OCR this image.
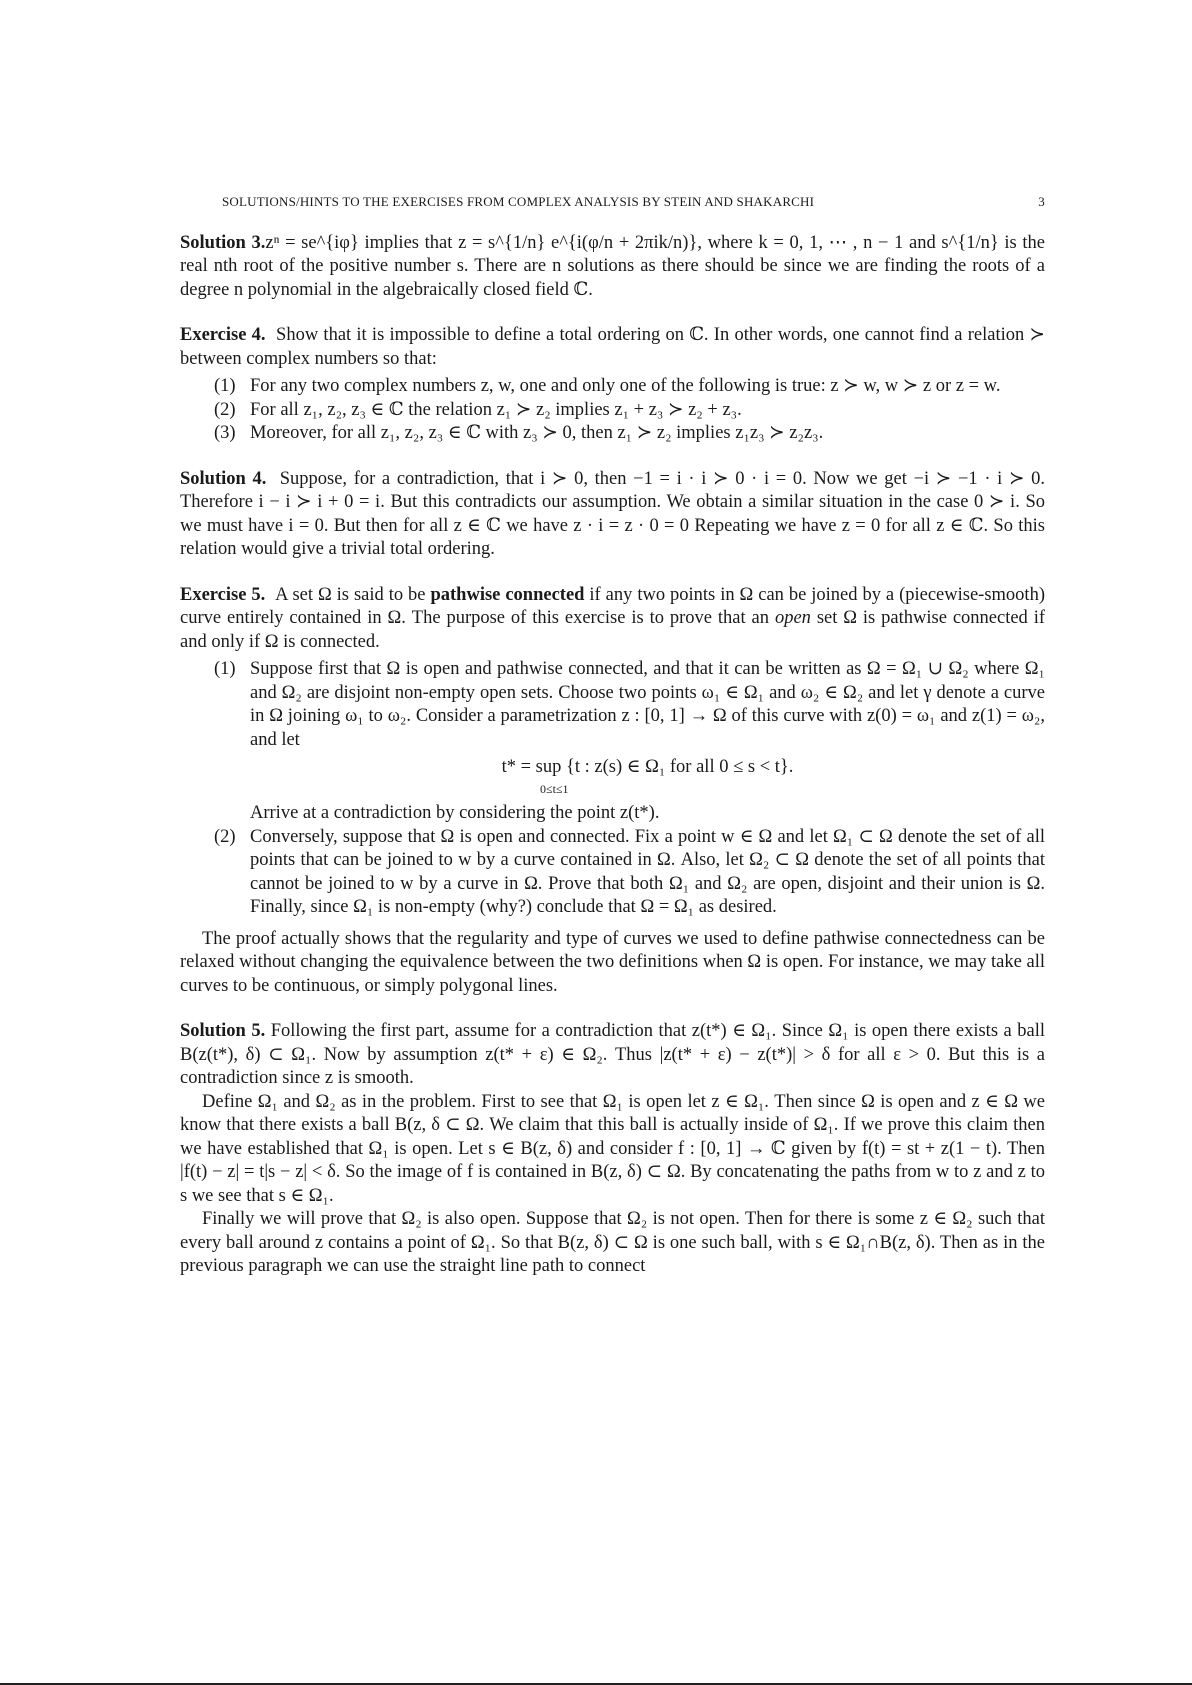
SOLUTIONS/HINTS TO THE EXERCISES FROM COMPLEX ANALYSIS BY STEIN AND SHAKARCHI	3

Solution 3.zⁿ = se^{iφ} implies that z = s^{1/n} e^{i(φ/n + 2πik/n)}, where k = 0, 1, ⋯ , n − 1 and s^{1/n} is the real nth root of the positive number s. There are n solutions as there should be since we are finding the roots of a degree n polynomial in the algebraically closed field ℂ.

Exercise 4. Show that it is impossible to define a total ordering on ℂ. In other words, one cannot find a relation ≻ between complex numbers so that:

(1) For any two complex numbers z, w, one and only one of the following is true: z ≻ w, w ≻ z or z = w.
(2) For all z₁, z₂, z₃ ∈ ℂ the relation z₁ ≻ z₂ implies z₁ + z₃ ≻ z₂ + z₃.
(3) Moreover, for all z₁, z₂, z₃ ∈ ℂ with z₃ ≻ 0, then z₁ ≻ z₂ implies z₁z₃ ≻ z₂z₃.

Solution 4. Suppose, for a contradiction, that i ≻ 0, then −1 = i · i ≻ 0 · i = 0. Now we get −i ≻ −1 · i ≻ 0. Therefore i − i ≻ i + 0 = i. But this contradicts our assumption. We obtain a similar situation in the case 0 ≻ i. So we must have i = 0. But then for all z ∈ ℂ we have z · i = z · 0 = 0 Repeating we have z = 0 for all z ∈ ℂ. So this relation would give a trivial total ordering.

Exercise 5. A set Ω is said to be pathwise connected if any two points in Ω can be joined by a (piecewise-smooth) curve entirely contained in Ω. The purpose of this exercise is to prove that an open set Ω is pathwise connected if and only if Ω is connected.

(1) Suppose first that Ω is open and pathwise connected, and that it can be written as Ω = Ω₁ ∪ Ω₂ where Ω₁ and Ω₂ are disjoint non-empty open sets. Choose two points ω₁ ∈ Ω₁ and ω₂ ∈ Ω₂ and let γ denote a curve in Ω joining ω₁ to ω₂. Consider a parametrization z : [0, 1] → Ω of this curve with z(0) = ω₁ and z(1) = ω₂, and let
t* = sup {t : z(s) ∈ Ω₁ for all 0 ≤ s < t}.
0≤t≤1
Arrive at a contradiction by considering the point z(t*).
(2) Conversely, suppose that Ω is open and connected. Fix a point w ∈ Ω and let Ω₁ ⊂ Ω denote the set of all points that can be joined to w by a curve contained in Ω. Also, let Ω₂ ⊂ Ω denote the set of all points that cannot be joined to w by a curve in Ω. Prove that both Ω₁ and Ω₂ are open, disjoint and their union is Ω. Finally, since Ω₁ is non-empty (why?) conclude that Ω = Ω₁ as desired.

The proof actually shows that the regularity and type of curves we used to define pathwise connectedness can be relaxed without changing the equivalence between the two definitions when Ω is open. For instance, we may take all curves to be continuous, or simply polygonal lines.

Solution 5. Following the first part, assume for a contradiction that z(t*) ∈ Ω₁. Since Ω₁ is open there exists a ball B(z(t*), δ) ⊂ Ω₁. Now by assumption z(t* + ε) ∈ Ω₂. Thus |z(t* + ε) − z(t*)| > δ for all ε > 0. But this is a contradiction since z is smooth.

Define Ω₁ and Ω₂ as in the problem. First to see that Ω₁ is open let z ∈ Ω₁. Then since Ω is open and z ∈ Ω we know that there exists a ball B(z, δ ⊂ Ω. We claim that this ball is actually inside of Ω₁. If we prove this claim then we have established that Ω₁ is open. Let s ∈ B(z, δ) and consider f : [0, 1] → ℂ given by f(t) = st + z(1 − t). Then |f(t) − z| = t|s − z| < δ. So the image of f is contained in B(z, δ) ⊂ Ω. By concatenating the paths from w to z and z to s we see that s ∈ Ω₁.

Finally we will prove that Ω₂ is also open. Suppose that Ω₂ is not open. Then for there is some z ∈ Ω₂ such that every ball around z contains a point of Ω₁. So that B(z, δ) ⊂ Ω is one such ball, with s ∈ Ω₁∩B(z, δ). Then as in the previous paragraph we can use the straight line path to connect
